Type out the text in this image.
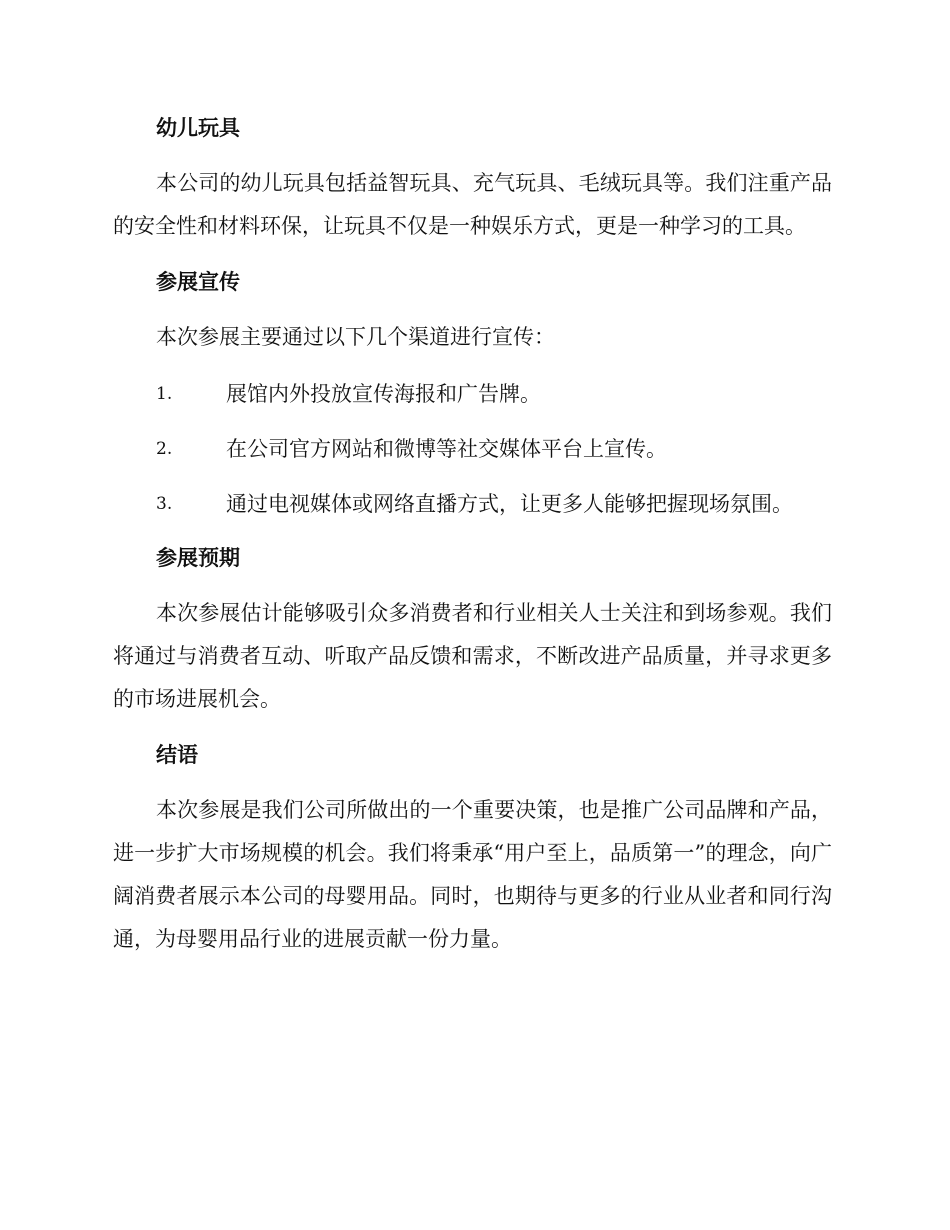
幼儿玩具

本公司的幼儿玩具包括益智玩具、充气玩具、毛绒玩具等。我们注重产品的安全性和材料环保，让玩具不仅是一种娱乐方式，更是一种学习的工具。

参展宣传

本次参展主要通过以下几个渠道进行宣传：

1.	展馆内外投放宣传海报和广告牌。
2.	在公司官方网站和微博等社交媒体平台上宣传。
3.	通过电视媒体或网络直播方式，让更多人能够把握现场氛围。
参展预期

本次参展估计能够吸引众多消费者和行业相关人士关注和到场参观。我们将通过与消费者互动、听取产品反馈和需求，不断改进产品质量，并寻求更多的市场进展机会。

结语

本次参展是我们公司所做出的一个重要决策，也是推广公司品牌和产品，进一步扩大市场规模的机会。我们将秉承“用户至上，品质第一”的理念，向广阔消费者展示本公司的母婴用品。同时，也期待与更多的行业从业者和同行沟通，为母婴用品行业的进展贡献一份力量。
